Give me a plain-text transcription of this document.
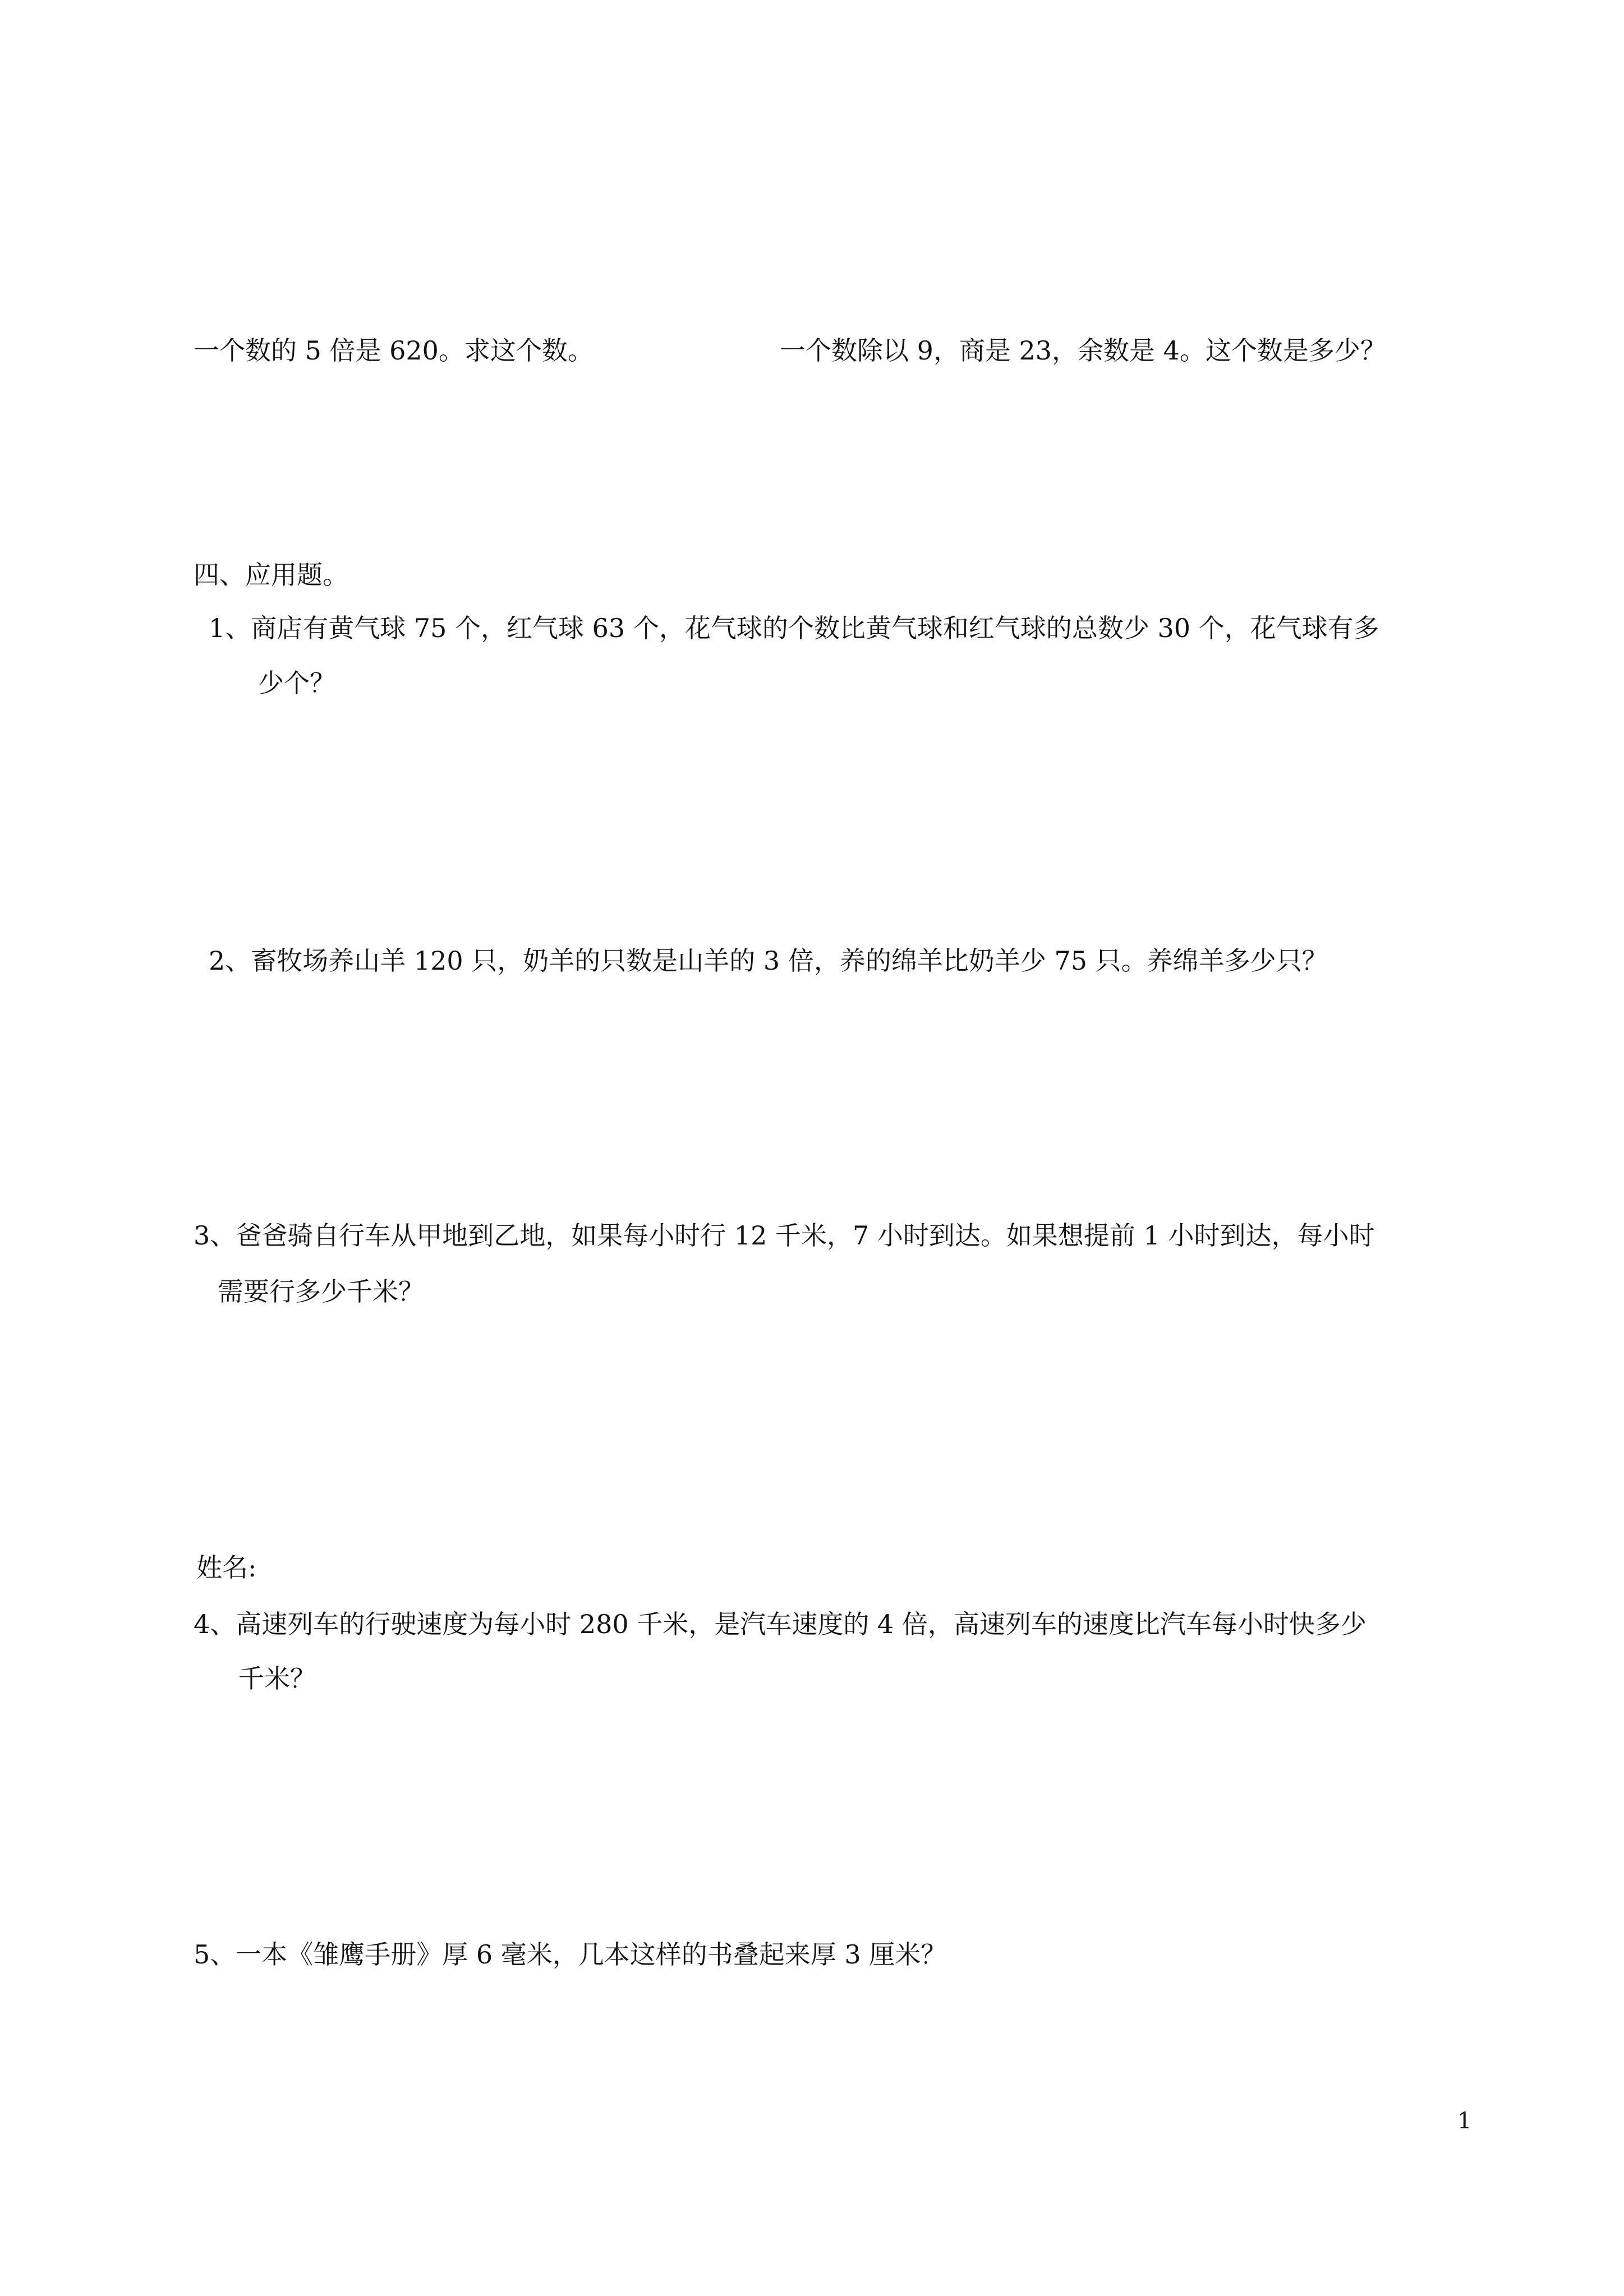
一个数的 5 倍是 620。求这个数。	一个数除以 9，商是 23，余数是 4。这个数是多少？
四、应用题。
1、商店有黄气球 75 个，红气球 63 个，花气球的个数比黄气球和红气球的总数少 30 个，花气球有多
少个？
2、畜牧场养山羊 120 只，奶羊的只数是山羊的 3 倍，养的绵羊比奶羊少 75 只。养绵羊多少只？
3、爸爸骑自行车从甲地到乙地，如果每小时行 12 千米，7 小时到达。如果想提前 1 小时到达，每小时
需要行多少千米？
姓名:
4、高速列车的行驶速度为每小时 280 千米，是汽车速度的 4 倍，高速列车的速度比汽车每小时快多少
千米？
5、一本《雏鹰手册》厚 6 毫米，几本这样的书叠起来厚 3 厘米？
1
